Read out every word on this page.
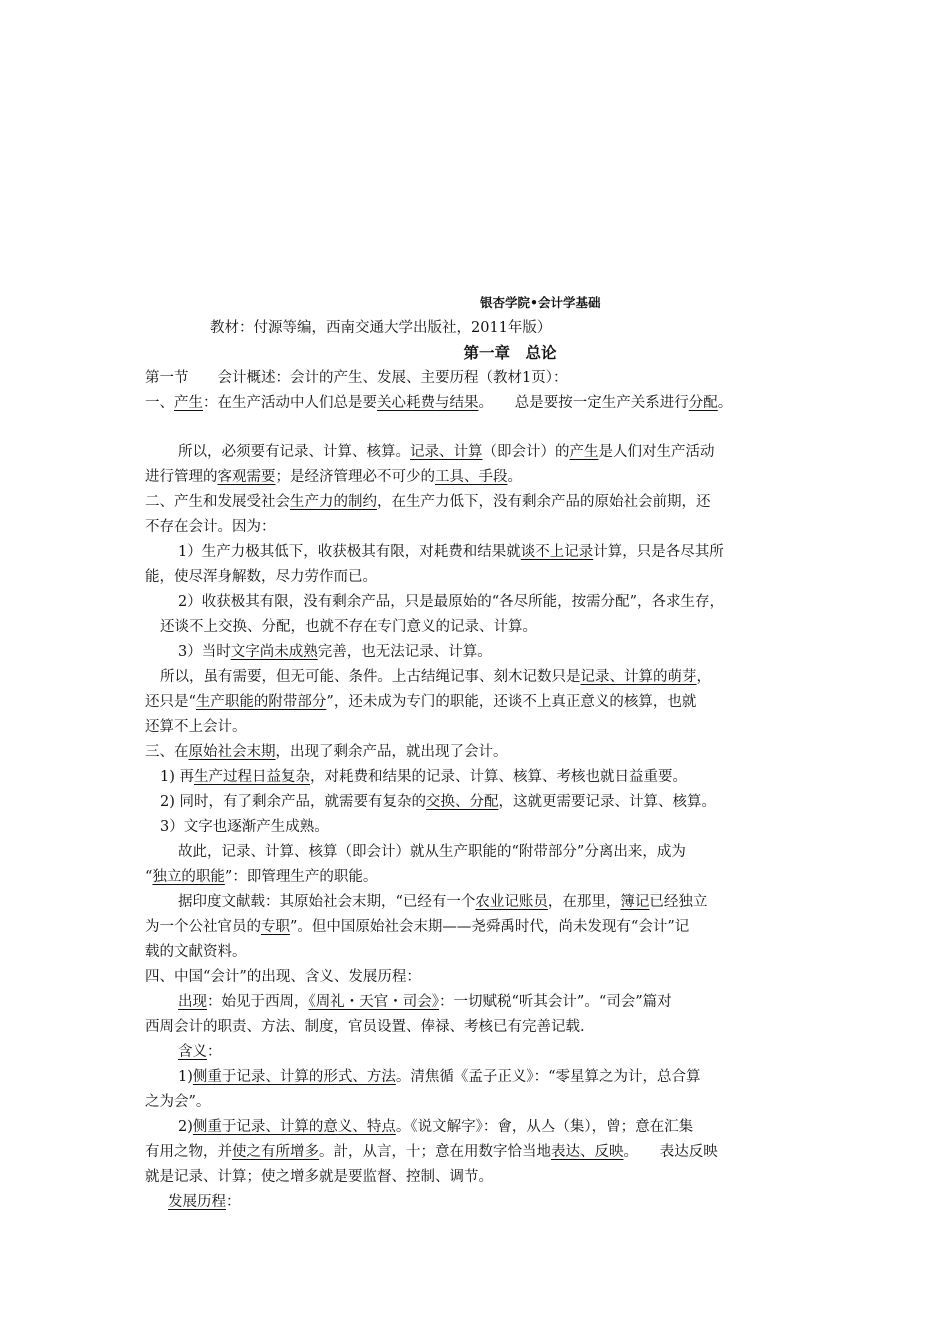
银杏学院•会计学基础
教材：付源等编，西南交通大学出版社，2011年版）
第一章　总论
第一节　　会计概述：会计的产生、发展、主要历程（教材1页）：
一、产生：在生产活动中人们总是要关心耗费与结果。　　总是要按一定生产关系进行分配。
所以，必须要有记录、计算、核算。记录、计算（即会计）的产生是人们对生产活动
进行管理的客观需要；是经济管理必不可少的工具、手段。
二、产生和发展受社会生产力的制约，在生产力低下，没有剩余产品的原始社会前期，还
不存在会计。因为：
1）生产力极其低下，收获极其有限，对耗费和结果就谈不上记录计算，只是各尽其所
能，使尽浑身解数，尽力劳作而已。
2）收获极其有限，没有剩余产品，只是最原始的“各尽所能，按需分配”，各求生存，
还谈不上交换、分配，也就不存在专门意义的记录、计算。
3）当时文字尚未成熟完善，也无法记录、计算。
所以，虽有需要，但无可能、条件。上古结绳记事、刻木记数只是记录、计算的萌芽，
还只是“生产职能的附带部分”，还未成为专门的职能，还谈不上真正意义的核算，也就
还算不上会计。
三、在原始社会末期，出现了剩余产品，就出现了会计。
1) 再生产过程日益复杂，对耗费和结果的记录、计算、核算、考核也就日益重要。
2) 同时，有了剩余产品，就需要有复杂的交换、分配，这就更需要记录、计算、核算。
3）文字也逐渐产生成熟。
故此，记录、计算、核算（即会计）就从生产职能的“附带部分”分离出来，成为
“独立的职能”：即管理生产的职能。
据印度文献载：其原始社会末期，“已经有一个农业记账员，在那里，簿记已经独立
为一个公社官员的专职”。但中国原始社会末期——尧舜禹时代，尚未发现有“会计”记
载的文献资料。
四、中国“会计”的出现、含义、发展历程：
出现：始见于西周，《周礼・天官・司会》：一切赋税“听其会计”。“司会”篇对
西周会计的职责、方法、制度，官员设置、俸禄、考核已有完善记载.
含义：
1)侧重于记录、计算的形式、方法。清焦循《孟子正义》：“零星算之为计，总合算
之为会”。
2)侧重于记录、计算的意义、特点。《说文解字》：會，从亼（集），曾；意在汇集
有用之物，并使之有所增多。計，从言，十；意在用数字恰当地表达、反映。　　表达反映
就是记录、计算；使之增多就是要监督、控制、调节。
发展历程：
